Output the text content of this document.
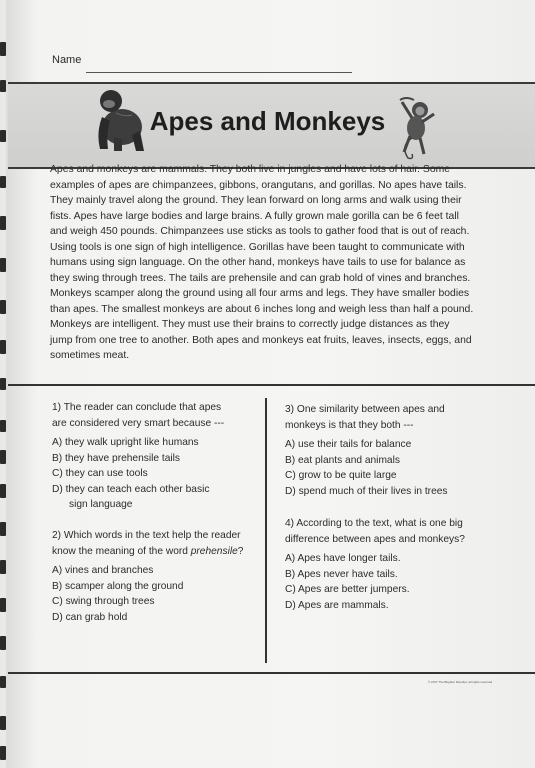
Name
Apes and Monkeys

Apes and monkeys are mammals. They both live in jungles and have lots of hair. Some

examples of apes are chimpanzees, gibbons, orangutans, and gorillas. No apes have tails.

They mainly travel along the ground. They lean forward on long arms and walk using their

fists. Apes have large bodies and large brains. A fully grown male gorilla can be 6 feet tall

and weigh 450 pounds. Chimpanzees use sticks as tools to gather food that is out of reach.

Using tools is one sign of high intelligence. Gorillas have been taught to communicate with

humans using sign language. On the other hand, monkeys have tails to use for balance as

they swing through trees. The tails are prehensile and can grab hold of vines and branches.

Monkeys scamper along the ground using all four arms and legs. They have smaller bodies

than apes. The smallest monkeys are about 6 inches long and weigh less than half a pound.

Monkeys are intelligent. They must use their brains to correctly judge distances as they

jump from one tree to another. Both apes and monkeys eat fruits, leaves, insects, eggs, and

sometimes meat.

1) The reader can conclude that apes

are considered very smart because ---

A) they walk upright like humans

B) they have prehensile tails

C) they can use tools

D) they can teach each other basic

sign language

2) Which words in the text help the reader

know the meaning of the word prehensile?

A) vines and branches

B) scamper along the ground

C) swing through trees

D) can grab hold

3) One similarity between apes and

monkeys is that they both ---

A) use their tails for balance

B) eat plants and animals

C) grow to be quite large

D) spend much of their lives in trees

4) According to the text, what is one big

difference between apes and monkeys?

A) Apes have longer tails.

B) Apes never have tails.

C) Apes are better jumpers.

D) Apes are mammals.

© 2017 The Brighter Rewriter, all rights reserved
